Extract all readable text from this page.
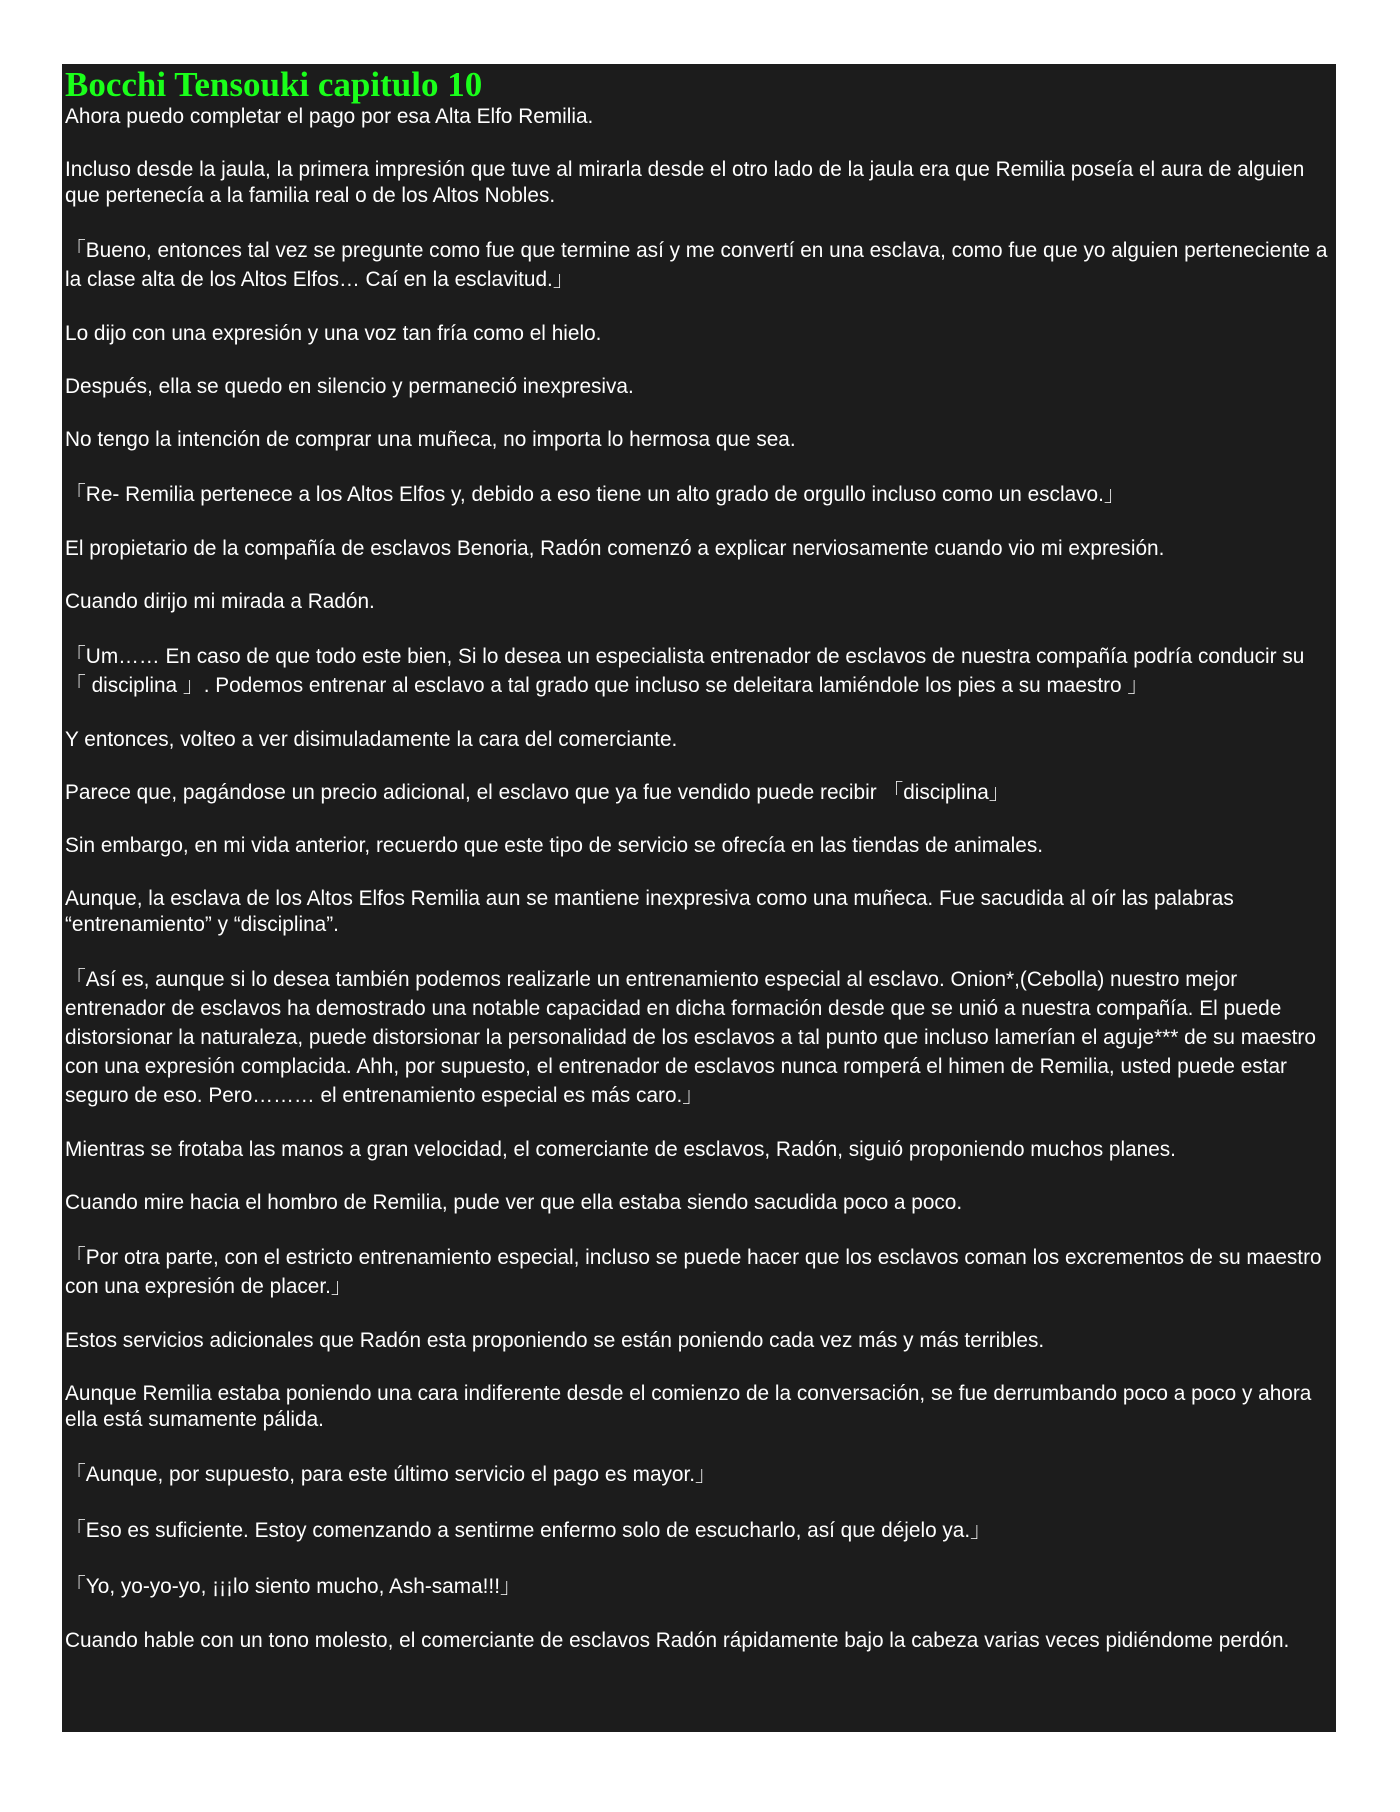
Bocchi Tensouki capitulo 10

Ahora puedo completar el pago por esa Alta Elfo Remilia.

Incluso desde la jaula, la primera impresión que tuve al mirarla desde el otro lado de la jaula era que Remilia poseía el aura de alguien que pertenecía a la familia real o de los Altos Nobles.

「Bueno, entonces tal vez se pregunte como fue que termine así y me convertí en una esclava, como fue que yo alguien perteneciente a la clase alta de los Altos Elfos… Caí en la esclavitud.」

Lo dijo con una expresión y una voz tan fría como el hielo.

Después, ella se quedo en silencio y permaneció inexpresiva.

No tengo la intención de comprar una muñeca, no importa lo hermosa que sea.

「Re- Remilia pertenece a los Altos Elfos y, debido a eso tiene un alto grado de orgullo incluso como un esclavo.」

El propietario de la compañía de esclavos Benoria, Radón comenzó a explicar nerviosamente cuando vio mi expresión.

Cuando dirijo mi mirada a Radón.

「Um…… En caso de que todo este bien, Si lo desea un especialista entrenador de esclavos de nuestra compañía podría conducir su 「 disciplina 」. Podemos entrenar al esclavo a tal grado que incluso se deleitara lamiéndole los pies a su maestro 」

Y entonces, volteo a ver disimuladamente la cara del comerciante.

Parece que, pagándose un precio adicional, el esclavo que ya fue vendido puede recibir 「disciplina」

Sin embargo, en mi vida anterior, recuerdo que este tipo de servicio se ofrecía en las tiendas de animales.

Aunque, la esclava de los Altos Elfos Remilia aun se mantiene inexpresiva como una muñeca. Fue sacudida al oír las palabras “entrenamiento” y “disciplina”.

「Así es, aunque si lo desea también podemos realizarle un entrenamiento especial al esclavo. Onion*,(Cebolla) nuestro mejor entrenador de esclavos ha demostrado una notable capacidad en dicha formación desde que se unió a nuestra compañía. El puede distorsionar la naturaleza, puede distorsionar la personalidad de los esclavos a tal punto que incluso lamerían el aguje*** de su maestro con una expresión complacida. Ahh, por supuesto, el entrenador de esclavos nunca romperá el himen de Remilia, usted puede estar seguro de eso. Pero……… el entrenamiento especial es más caro.」

Mientras se frotaba las manos a gran velocidad, el comerciante de esclavos, Radón, siguió proponiendo muchos planes.

Cuando mire hacia el hombro de Remilia, pude ver que ella estaba siendo sacudida poco a poco.

「Por otra parte, con el estricto entrenamiento especial, incluso se puede hacer que los esclavos coman los excrementos de su maestro con una expresión de placer.」

Estos servicios adicionales que Radón esta proponiendo se están poniendo cada vez más y más terribles.

Aunque Remilia estaba poniendo una cara indiferente desde el comienzo de la conversación, se fue derrumbando poco a poco y ahora ella está sumamente pálida.

「Aunque, por supuesto, para este último servicio el pago es mayor.」

「Eso es suficiente. Estoy comenzando a sentirme enfermo solo de escucharlo, así que déjelo ya.」

「Yo, yo-yo-yo, ¡¡¡lo siento mucho, Ash-sama!!!」

Cuando hable con un tono molesto, el comerciante de esclavos Radón rápidamente bajo la cabeza varias veces pidiéndome perdón.
